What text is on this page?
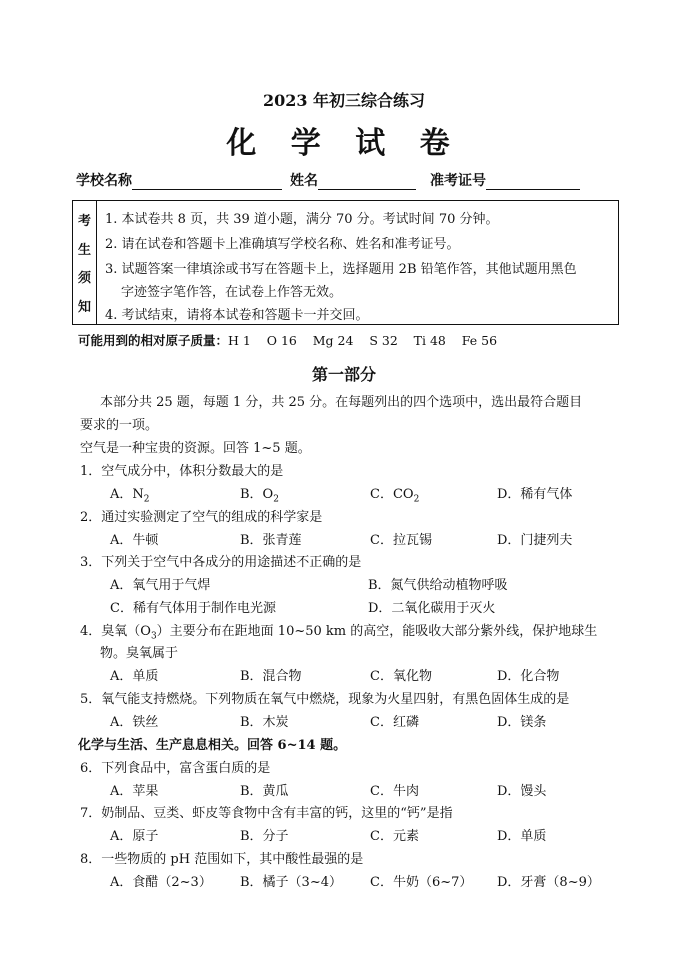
2023 年初三综合练习
化 学 试 卷
学校名称	姓名	准考证号
考
生
须
知
1. 本试卷共 8 页，共 39 道小题，满分 70 分。考试时间 70 分钟。
2. 请在试卷和答题卡上准确填写学校名称、姓名和准考证号。
3. 试题答案一律填涂或书写在答题卡上，选择题用 2B 铅笔作答，其他试题用黑色
字迹签字笔作答，在试卷上作答无效。
4. 考试结束，请将本试卷和答题卡一并交回。
可能用到的相对原子质量：H 1    O 16    Mg 24    S 32    Ti 48    Fe 56
第一部分
本部分共 25 题，每题 1 分，共 25 分。在每题列出的四个选项中，选出最符合题目
要求的一项。
空气是一种宝贵的资源。回答 1~5 题。
1．空气成分中，体积分数最大的是
A．$N_2$	B．$O_2$	C．$CO_2$	D．稀有气体
2．通过实验测定了空气的组成的科学家是
A．牛顿	B．张青莲	C．拉瓦锡	D．门捷列夫
3．下列关于空气中各成分的用途描述不正确的是
A．氧气用于气焊	B．氮气供给动植物呼吸
C．稀有气体用于制作电光源	D．二氧化碳用于灭火
4．臭氧$(O_3)$主要分布在距地面 10~50 km 的高空，能吸收大部分紫外线，保护地球生
物。臭氧属于
A．单质	B．混合物	C．氧化物	D．化合物
5．氧气能支持燃烧。下列物质在氧气中燃烧，现象为火星四射，有黑色固体生成的是
A．铁丝	B．木炭	C．红磷	D．镁条
化学与生活、生产息息相关。回答 6~14 题。
6．下列食品中，富含蛋白质的是
A．苹果	B．黄瓜	C．牛肉	D．馒头
7．奶制品、豆类、虾皮等食物中含有丰富的钙，这里的“钙”是指
A．原子	B．分子	C．元素	D．单质
8．一些物质的 pH 范围如下，其中酸性最强的是
A．食醋（2~3） B．橘子（3~4） C．牛奶（6~7） D．牙膏（8~9）
